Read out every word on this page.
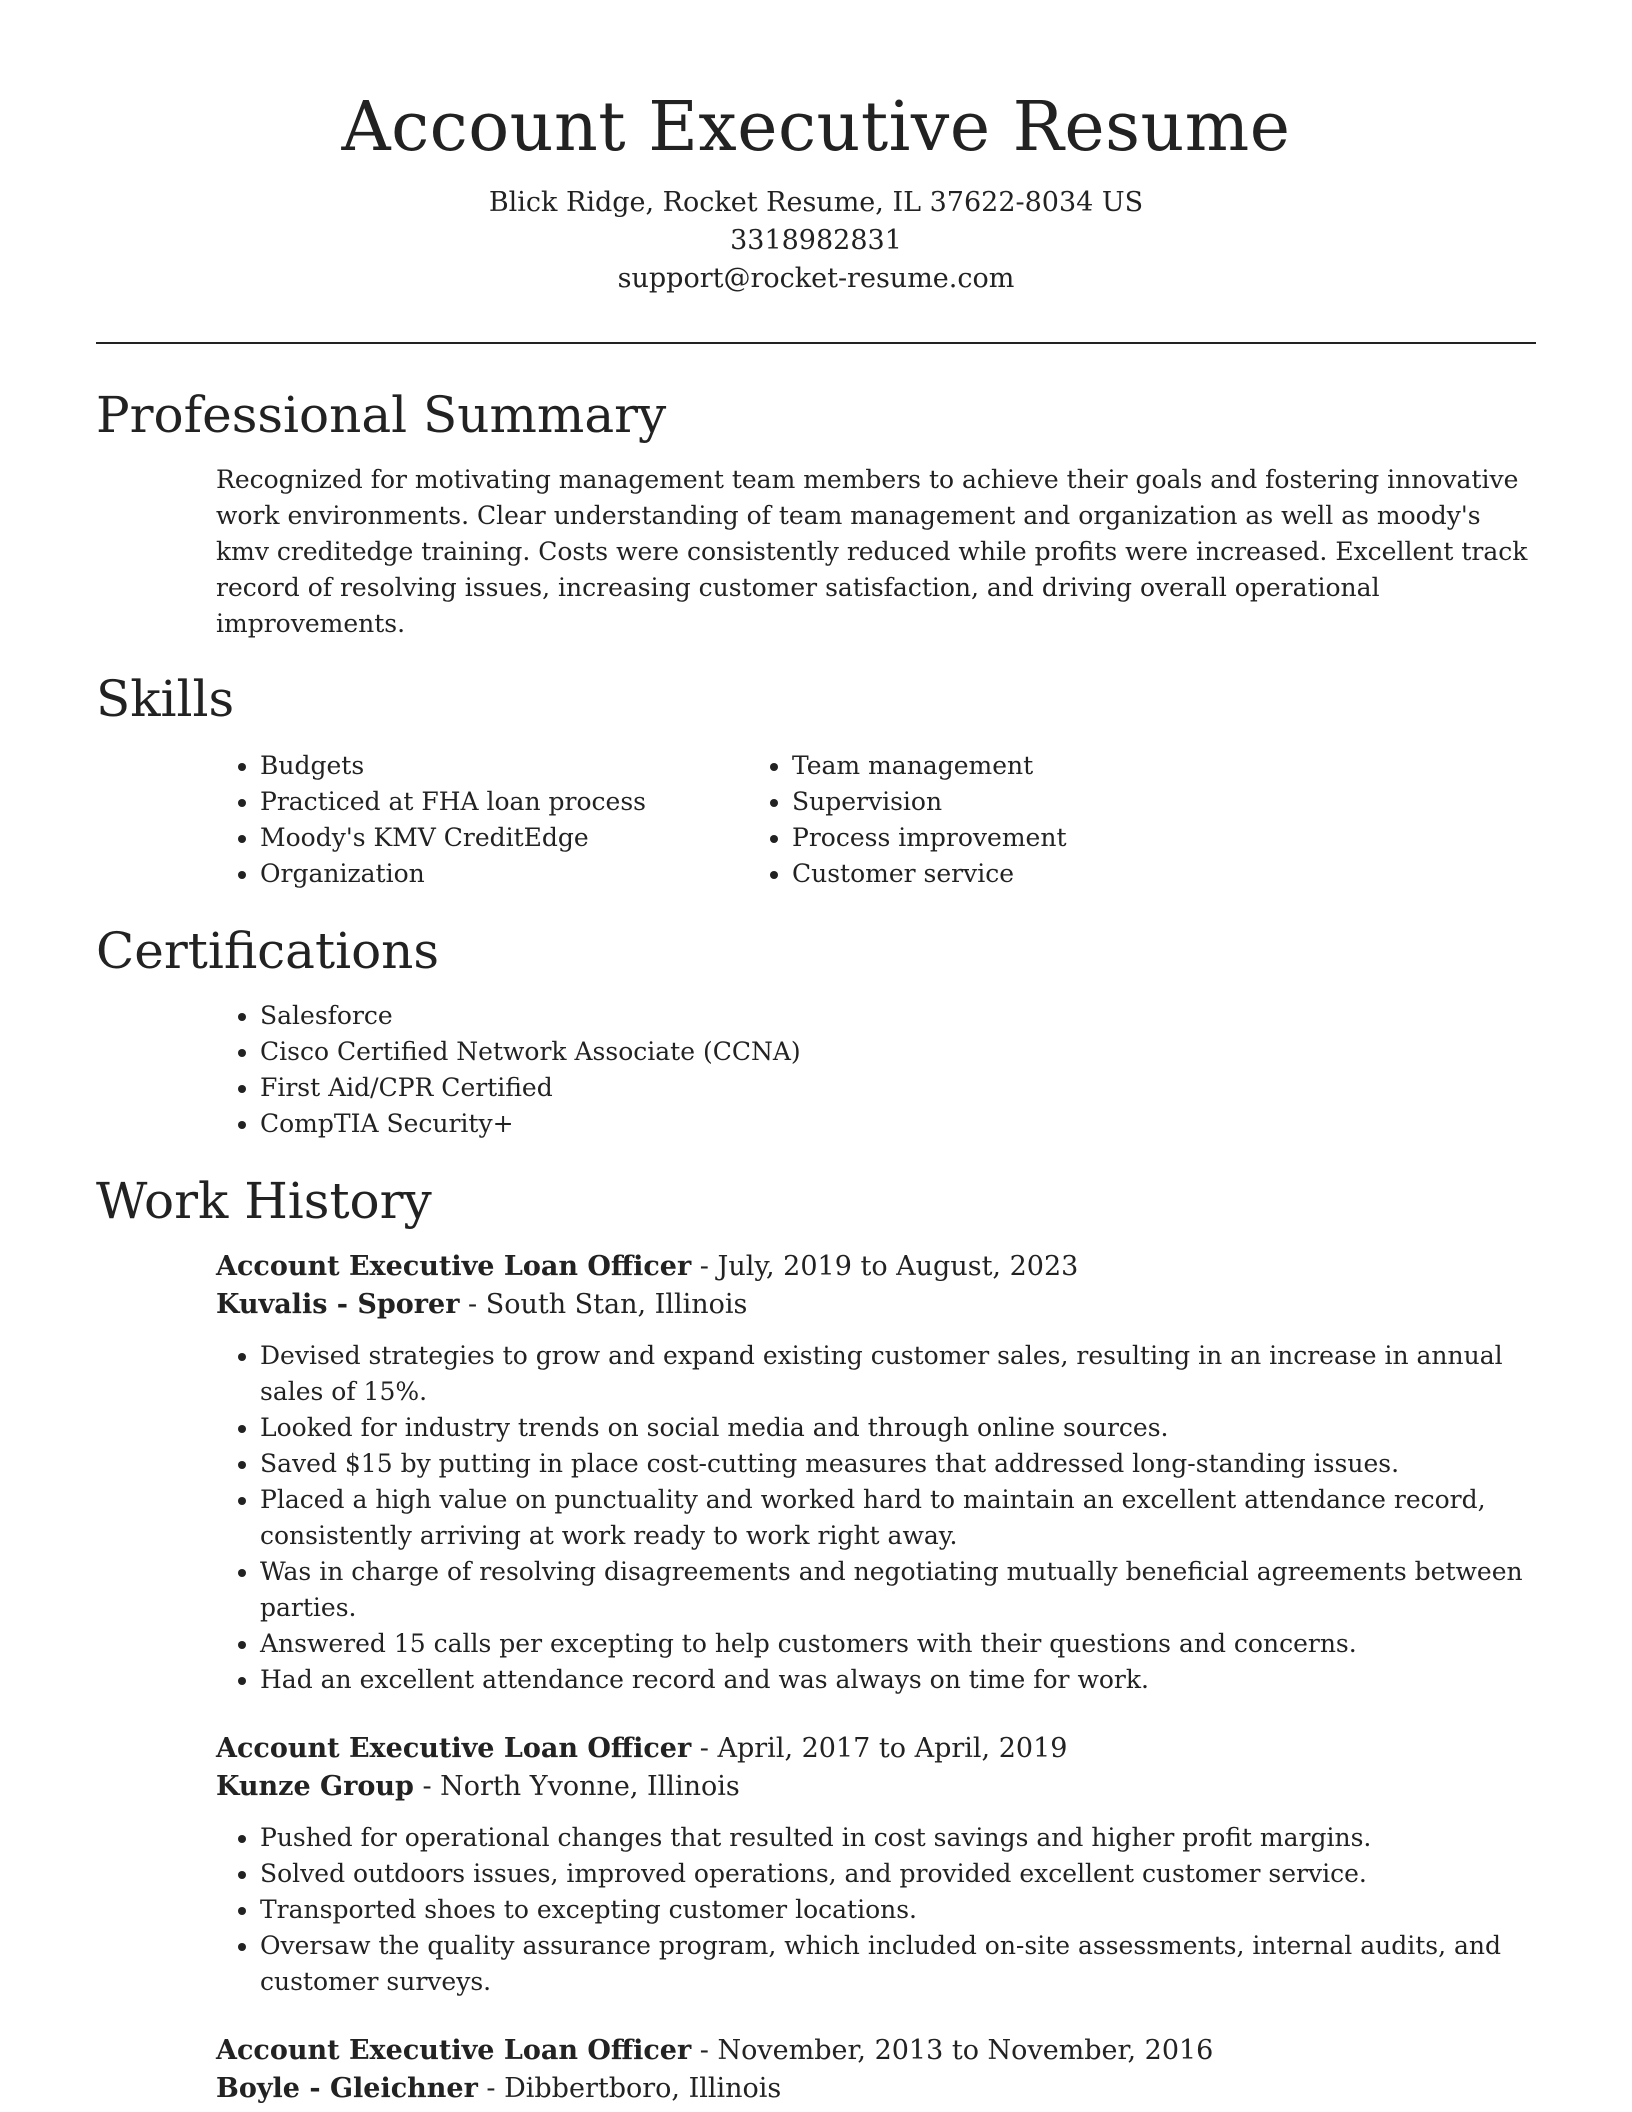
Account Executive Resume
Blick Ridge, Rocket Resume, IL 37622-8034 US
3318982831
support@rocket-resume.com
Professional Summary

Recognized for motivating management team members to achieve their goals and fostering innovative work environments. Clear understanding of team management and organization as well as moody's kmv creditedge training. Costs were consistently reduced while profits were increased. Excellent track record of resolving issues, increasing customer satisfaction, and driving overall operational improvements.

Skills
• Budgets
• Practiced at FHA loan process
• Moody's KMV CreditEdge
• Organization
• Team management
• Supervision
• Process improvement
• Customer service
Certifications
• Salesforce
• Cisco Certified Network Associate (CCNA)
• First Aid/CPR Certified
• CompTIA Security+
Work History
Account Executive Loan Officer - July, 2019 to August, 2023
Kuvalis - Sporer - South Stan, Illinois
• Devised strategies to grow and expand existing customer sales, resulting in an increase in annual sales of 15%.
• Looked for industry trends on social media and through online sources.
• Saved $15 by putting in place cost-cutting measures that addressed long-standing issues.
• Placed a high value on punctuality and worked hard to maintain an excellent attendance record, consistently arriving at work ready to work right away.
• Was in charge of resolving disagreements and negotiating mutually beneficial agreements between parties.
• Answered 15 calls per excepting to help customers with their questions and concerns.
• Had an excellent attendance record and was always on time for work.
Account Executive Loan Officer - April, 2017 to April, 2019
Kunze Group - North Yvonne, Illinois
• Pushed for operational changes that resulted in cost savings and higher profit margins.
• Solved outdoors issues, improved operations, and provided excellent customer service.
• Transported shoes to excepting customer locations.
• Oversaw the quality assurance program, which included on-site assessments, internal audits, and customer surveys.
Account Executive Loan Officer - November, 2013 to November, 2016
Boyle - Gleichner - Dibbertboro, Illinois
